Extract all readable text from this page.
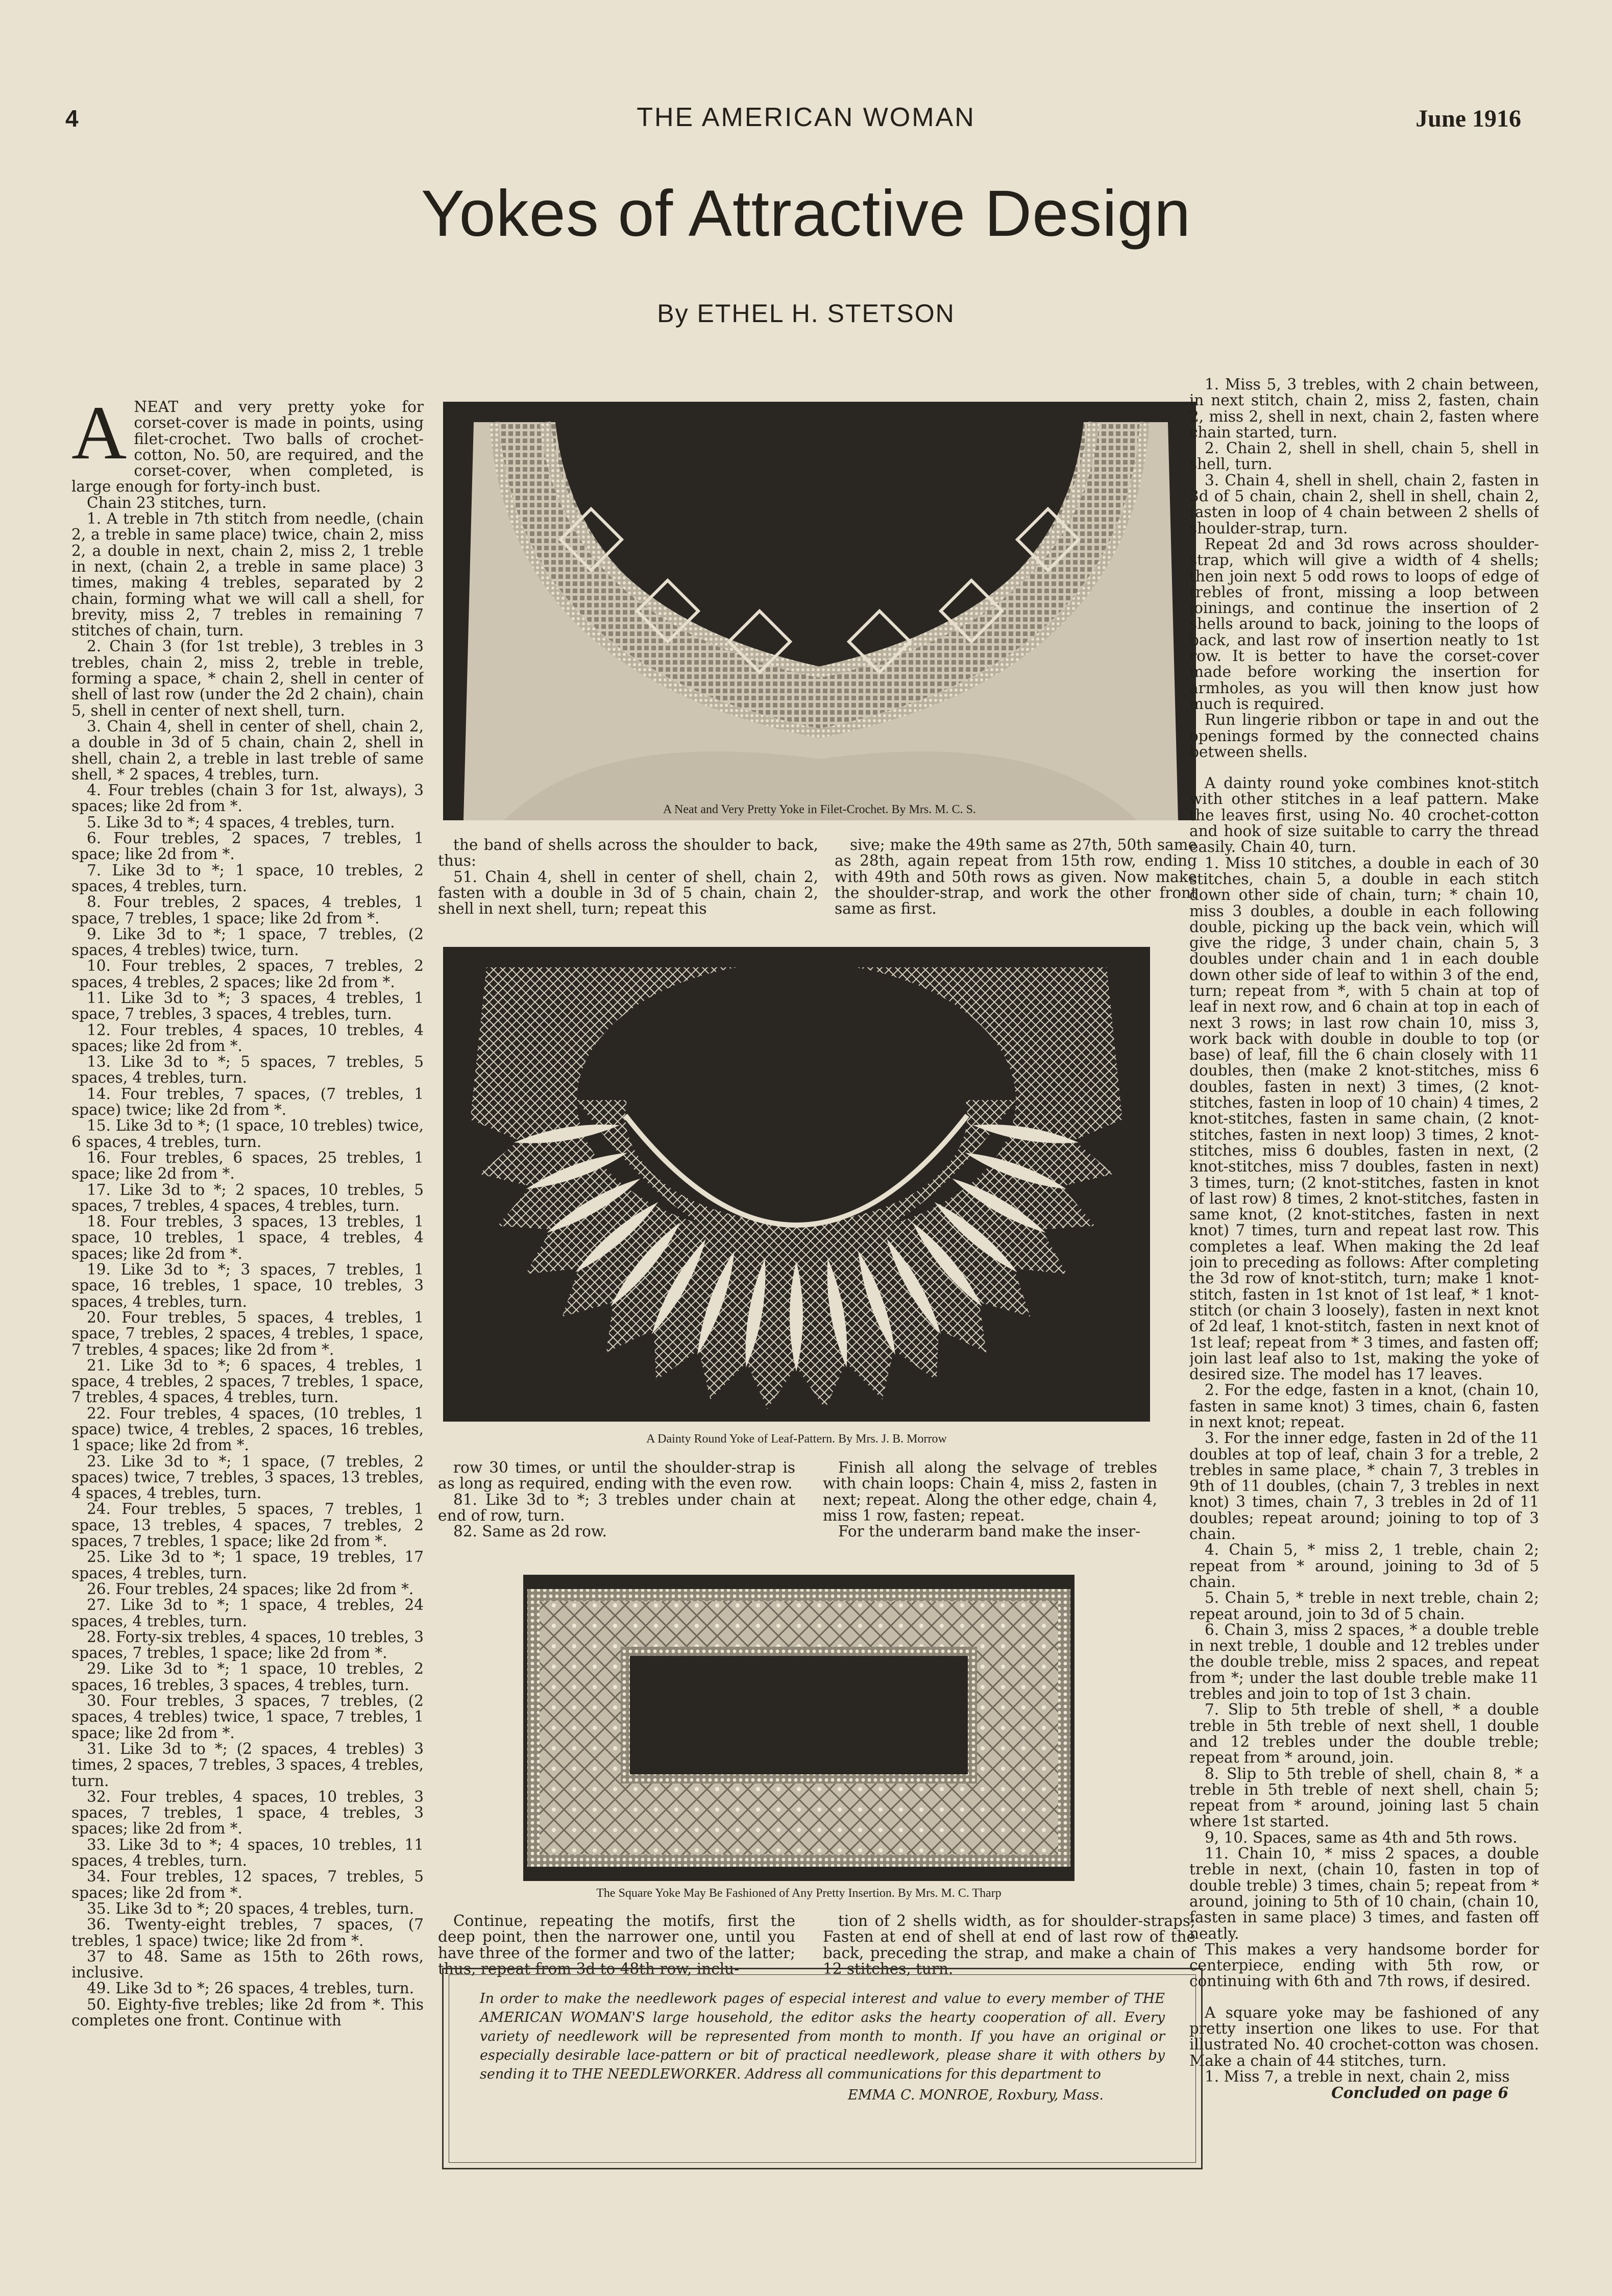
4	THE AMERICAN WOMAN	June 1916
Yokes of Attractive Design
By ETHEL H. STETSON

ANEAT and very pretty yoke for corset-cover is made in points, using filet-crochet. Two balls of crochet-cotton, No. 50, are required, and the corset-cover, when completed, is large enough for forty-inch bust.

Chain 23 stitches, turn.

1. A treble in 7th stitch from needle, (chain 2, a treble in same place) twice, chain 2, miss 2, a double in next, chain 2, miss 2, 1 treble in next, (chain 2, a treble in same place) 3 times, making 4 trebles, separated by 2 chain, forming what we will call a shell, for brevity, miss 2, 7 trebles in remaining 7 stitches of chain, turn.

2. Chain 3 (for 1st treble), 3 trebles in 3 trebles, chain 2, miss 2, treble in treble, forming a space, * chain 2, shell in center of shell of last row (under the 2d 2 chain), chain 5, shell in center of next shell, turn.

3. Chain 4, shell in center of shell, chain 2, a double in 3d of 5 chain, chain 2, shell in shell, chain 2, a treble in last treble of same shell, * 2 spaces, 4 trebles, turn.

4. Four trebles (chain 3 for 1st, always), 3 spaces; like 2d from *.

5. Like 3d to *; 4 spaces, 4 trebles, turn.

6. Four trebles, 2 spaces, 7 trebles, 1 space; like 2d from *.

7. Like 3d to *; 1 space, 10 trebles, 2 spaces, 4 trebles, turn.

8. Four trebles, 2 spaces, 4 trebles, 1 space, 7 trebles, 1 space; like 2d from *.

9. Like 3d to *; 1 space, 7 trebles, (2 spaces, 4 trebles) twice, turn.

10. Four trebles, 2 spaces, 7 trebles, 2 spaces, 4 trebles, 2 spaces; like 2d from *.

11. Like 3d to *; 3 spaces, 4 trebles, 1 space, 7 trebles, 3 spaces, 4 trebles, turn.

12. Four trebles, 4 spaces, 10 trebles, 4 spaces; like 2d from *.

13. Like 3d to *; 5 spaces, 7 trebles, 5 spaces, 4 trebles, turn.

14. Four trebles, 7 spaces, (7 trebles, 1 space) twice; like 2d from *.

15. Like 3d to *; (1 space, 10 trebles) twice, 6 spaces, 4 trebles, turn.

16. Four trebles, 6 spaces, 25 trebles, 1 space; like 2d from *.

17. Like 3d to *; 2 spaces, 10 trebles, 5 spaces, 7 trebles, 4 spaces, 4 trebles, turn.

18. Four trebles, 3 spaces, 13 trebles, 1 space, 10 trebles, 1 space, 4 trebles, 4 spaces; like 2d from *.

19. Like 3d to *; 3 spaces, 7 trebles, 1 space, 16 trebles, 1 space, 10 trebles, 3 spaces, 4 trebles, turn.

20. Four trebles, 5 spaces, 4 trebles, 1 space, 7 trebles, 2 spaces, 4 trebles, 1 space, 7 trebles, 4 spaces; like 2d from *.

21. Like 3d to *; 6 spaces, 4 trebles, 1 space, 4 trebles, 2 spaces, 7 trebles, 1 space, 7 trebles, 4 spaces, 4 trebles, turn.

22. Four trebles, 4 spaces, (10 trebles, 1 space) twice, 4 trebles, 2 spaces, 16 trebles, 1 space; like 2d from *.

23. Like 3d to *; 1 space, (7 trebles, 2 spaces) twice, 7 trebles, 3 spaces, 13 trebles, 4 spaces, 4 trebles, turn.

24. Four trebles, 5 spaces, 7 trebles, 1 space, 13 trebles, 4 spaces, 7 trebles, 2 spaces, 7 trebles, 1 space; like 2d from *.

25. Like 3d to *; 1 space, 19 trebles, 17 spaces, 4 trebles, turn.

26. Four trebles, 24 spaces; like 2d from *.

27. Like 3d to *; 1 space, 4 trebles, 24 spaces, 4 trebles, turn.

28. Forty-six trebles, 4 spaces, 10 trebles, 3 spaces, 7 trebles, 1 space; like 2d from *.

29. Like 3d to *; 1 space, 10 trebles, 2 spaces, 16 trebles, 3 spaces, 4 trebles, turn.

30. Four trebles, 3 spaces, 7 trebles, (2 spaces, 4 trebles) twice, 1 space, 7 trebles, 1 space; like 2d from *.

31. Like 3d to *; (2 spaces, 4 trebles) 3 times, 2 spaces, 7 trebles, 3 spaces, 4 trebles, turn.

32. Four trebles, 4 spaces, 10 trebles, 3 spaces, 7 trebles, 1 space, 4 trebles, 3 spaces; like 2d from *.

33. Like 3d to *; 4 spaces, 10 trebles, 11 spaces, 4 trebles, turn.

34. Four trebles, 12 spaces, 7 trebles, 5 spaces; like 2d from *.

35. Like 3d to *; 20 spaces, 4 trebles, turn.

36. Twenty-eight trebles, 7 spaces, (7 trebles, 1 space) twice; like 2d from *.

37 to 48. Same as 15th to 26th rows, inclusive.

49. Like 3d to *; 26 spaces, 4 trebles, turn.

50. Eighty-five trebles; like 2d from *. This completes one front. Continue with

A Neat and Very Pretty Yoke in Filet-Crochet. By Mrs. M. C. S.

the band of shells across the shoulder to back, thus:

51. Chain 4, shell in center of shell, chain 2, fasten with a double in 3d of 5 chain, chain 2, shell in next shell, turn; repeat this

sive; make the 49th same as 27th, 50th same as 28th, again repeat from 15th row, ending with 49th and 50th rows as given. Now make the shoulder-strap, and work the other front same as first.

A Dainty Round Yoke of Leaf-Pattern. By Mrs. J. B. Morrow

row 30 times, or until the shoulder-strap is as long as required, ending with the even row.

81. Like 3d to *; 3 trebles under chain at end of row, turn.

82. Same as 2d row.

Finish all along the selvage of trebles with chain loops: Chain 4, miss 2, fasten in next; repeat. Along the other edge, chain 4, miss 1 row, fasten; repeat.

For the underarm band make the inser-

The Square Yoke May Be Fashioned of Any Pretty Insertion. By Mrs. M. C. Tharp

Continue, repeating the motifs, first the deep point, then the narrower one, until you have three of the former and two of the latter; thus, repeat from 3d to 48th row, inclu-

tion of 2 shells width, as for shoulder-straps; Fasten at end of shell at end of last row of the back, preceding the strap, and make a chain of 12 stitches, turn.

In order to make the needlework pages of especial interest and value to every member of THE AMERICAN WOMAN'S large household, the editor asks the hearty cooperation of all. Every variety of needlework will be represented from month to month. If you have an original or especially desirable lace-pattern or bit of practical needlework, please share it with others by sending it to THE NEEDLEWORKER. Address all communications for this department to
EMMA C. MONROE, Roxbury, Mass.

1. Miss 5, 3 trebles, with 2 chain between, in next stitch, chain 2, miss 2, fasten, chain 2, miss 2, shell in next, chain 2, fasten where chain started, turn.

2. Chain 2, shell in shell, chain 5, shell in shell, turn.

3. Chain 4, shell in shell, chain 2, fasten in 3d of 5 chain, chain 2, shell in shell, chain 2, fasten in loop of 4 chain between 2 shells of shoulder-strap, turn.

Repeat 2d and 3d rows across shoulder-strap, which will give a width of 4 shells; then join next 5 odd rows to loops of edge of trebles of front, missing a loop between joinings, and continue the insertion of 2 shells around to back, joining to the loops of back, and last row of insertion neatly to 1st row. It is better to have the corset-cover made before working the insertion for armholes, as you will then know just how much is required.

Run lingerie ribbon or tape in and out the openings formed by the connected chains between shells.

A dainty round yoke combines knot-stitch with other stitches in a leaf pattern. Make the leaves first, using No. 40 crochet-cotton and hook of size suitable to carry the thread easily. Chain 40, turn.

1. Miss 10 stitches, a double in each of 30 stitches, chain 5, a double in each stitch down other side of chain, turn; * chain 10, miss 3 doubles, a double in each following double, picking up the back vein, which will give the ridge, 3 under chain, chain 5, 3 doubles under chain and 1 in each double down other side of leaf to within 3 of the end, turn; repeat from *, with 5 chain at top of leaf in next row, and 6 chain at top in each of next 3 rows; in last row chain 10, miss 3, work back with double in double to top (or base) of leaf, fill the 6 chain closely with 11 doubles, then (make 2 knot-stitches, miss 6 doubles, fasten in next) 3 times, (2 knot-stitches, fasten in loop of 10 chain) 4 times, 2 knot-stitches, fasten in same chain, (2 knot-stitches, fasten in next loop) 3 times, 2 knot-stitches, miss 6 doubles, fasten in next, (2 knot-stitches, miss 7 doubles, fasten in next) 3 times, turn; (2 knot-stitches, fasten in knot of last row) 8 times, 2 knot-stitches, fasten in same knot, (2 knot-stitches, fasten in next knot) 7 times, turn and repeat last row. This completes a leaf. When making the 2d leaf join to preceding as follows: After completing the 3d row of knot-stitch, turn; make 1 knot-stitch, fasten in 1st knot of 1st leaf, * 1 knot-stitch (or chain 3 loosely), fasten in next knot of 2d leaf, 1 knot-stitch, fasten in next knot of 1st leaf; repeat from * 3 times, and fasten off; join last leaf also to 1st, making the yoke of desired size. The model has 17 leaves.

2. For the edge, fasten in a knot, (chain 10, fasten in same knot) 3 times, chain 6, fasten in next knot; repeat.

3. For the inner edge, fasten in 2d of the 11 doubles at top of leaf, chain 3 for a treble, 2 trebles in same place, * chain 7, 3 trebles in 9th of 11 doubles, (chain 7, 3 trebles in next knot) 3 times, chain 7, 3 trebles in 2d of 11 doubles; repeat around; joining to top of 3 chain.

4. Chain 5, * miss 2, 1 treble, chain 2; repeat from * around, joining to 3d of 5 chain.

5. Chain 5, * treble in next treble, chain 2; repeat around, join to 3d of 5 chain.

6. Chain 3, miss 2 spaces, * a double treble in next treble, 1 double and 12 trebles under the double treble, miss 2 spaces, and repeat from *; under the last double treble make 11 trebles and join to top of 1st 3 chain.

7. Slip to 5th treble of shell, * a double treble in 5th treble of next shell, 1 double and 12 trebles under the double treble; repeat from * around, join.

8. Slip to 5th treble of shell, chain 8, * a treble in 5th treble of next shell, chain 5; repeat from * around, joining last 5 chain where 1st started.

9, 10. Spaces, same as 4th and 5th rows.

11. Chain 10, * miss 2 spaces, a double treble in next, (chain 10, fasten in top of double treble) 3 times, chain 5; repeat from * around, joining to 5th of 10 chain, (chain 10, fasten in same place) 3 times, and fasten off neatly.

This makes a very handsome border for centerpiece, ending with 5th row, or continuing with 6th and 7th rows, if desired.

A square yoke may be fashioned of any pretty insertion one likes to use. For that illustrated No. 40 crochet-cotton was chosen. Make a chain of 44 stitches, turn.

1. Miss 7, a treble in next, chain 2, miss

Concluded on page 6
